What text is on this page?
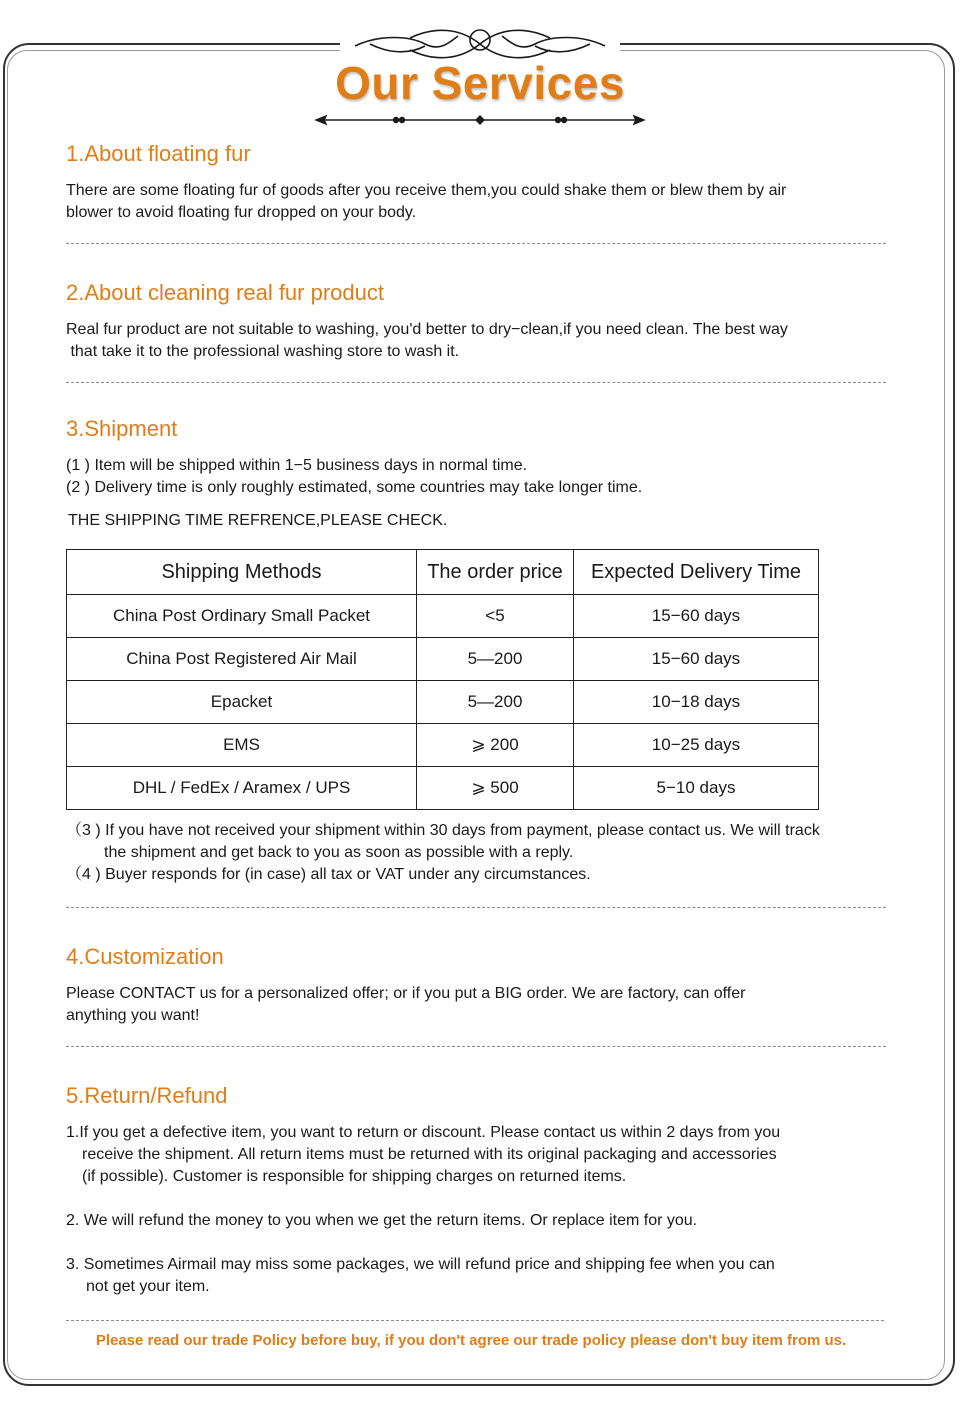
Our Services
1.About floating fur
There are some floating fur of goods after you receive them,you could shake them or blew them by air
blower to avoid floating fur dropped on your body.
2.About cleaning real fur product
Real fur product are not suitable to washing, you'd better to dry−clean,if you need clean. The best way
that take it to the professional washing store to wash it.
3.Shipment
(1 ) Item will be shipped within 1−5 business days in normal time.
(2 ) Delivery time is only roughly estimated, some countries may take longer time.
THE SHIPPING TIME REFRENCE,PLEASE CHECK.
Shipping Methods	The order price	Expected Delivery Time
China Post Ordinary Small Packet	<5	15−60 days
China Post Registered Air Mail	5—200	15−60 days
Epacket	5—200	10−18 days
EMS	⩾ 200	10−25 days
DHL / FedEx / Aramex / UPS	⩾ 500	5−10 days
（3 ) If you have not received your shipment within 30 days from payment, please contact us. We will track
the shipment and get back to you as soon as possible with a reply.
（4 ) Buyer responds for (in case) all tax or VAT under any circumstances.
4.Customization
Please CONTACT us for a personalized offer; or if you put a BIG order. We are factory, can offer
anything you want!
5.Return/Refund
1.If you get a defective item, you want to return or discount. Please contact us within 2 days from you
receive the shipment. All return items must be returned with its original packaging and accessories
(if possible). Customer is responsible for shipping charges on returned items.
2. We will refund the money to you when we get the return items. Or replace item for you.
3. Sometimes Airmail may miss some packages, we will refund price and shipping fee when you can
not get your item.
Please read our trade Policy before buy, if you don't agree our trade policy please don't buy item from us.
